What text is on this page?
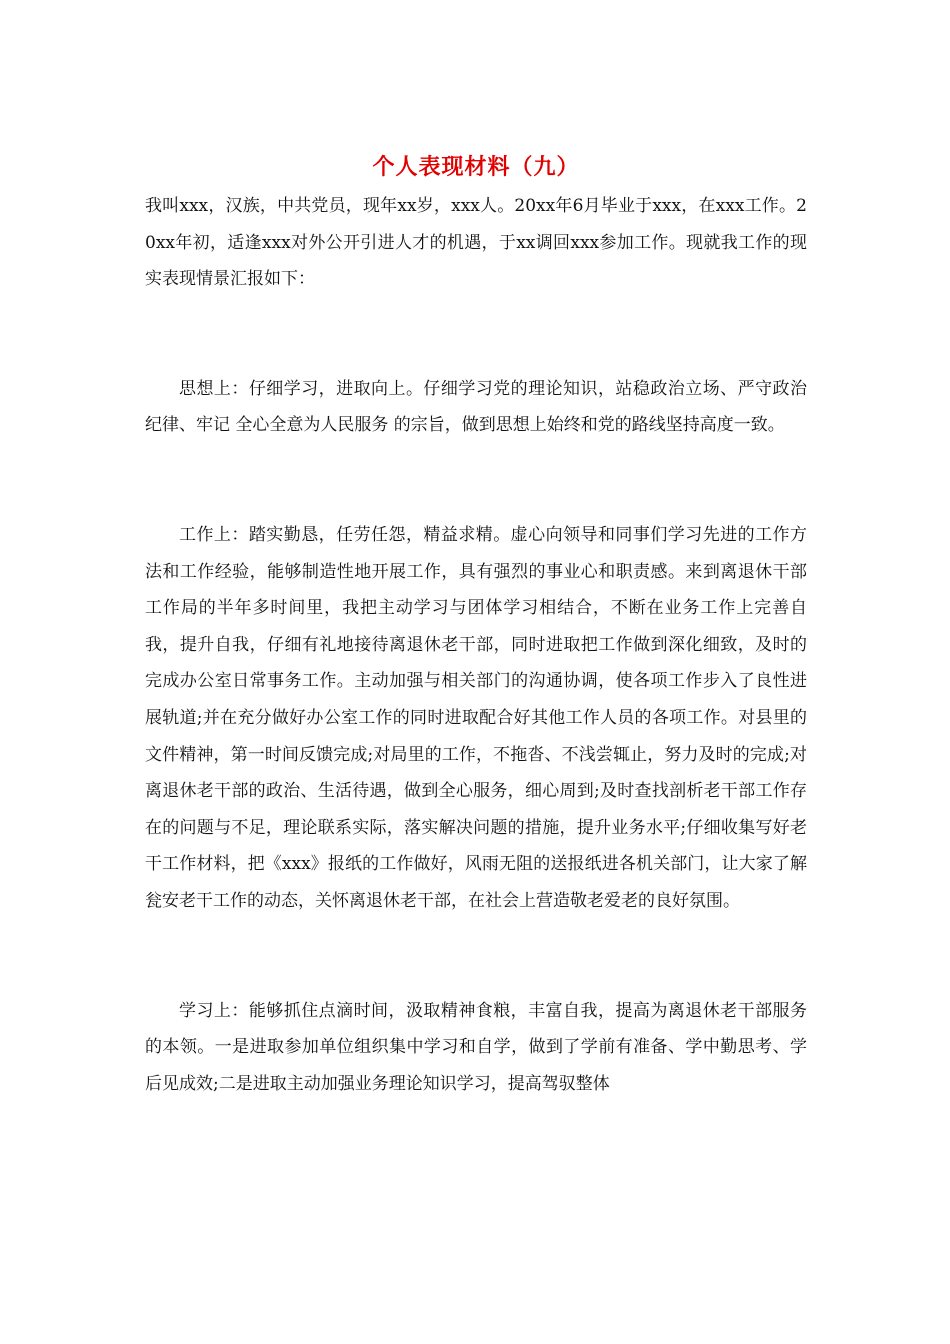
个人表现材料（九）

我叫xxx，汉族，中共党员，现年xx岁，xxx人。20xx年6月毕业于xxx，在xxx工作。20xx年初，适逢xxx对外公开引进人才的机遇，于xx调回xxx参加工作。现就我工作的现实表现情景汇报如下：

思想上：仔细学习，进取向上。仔细学习党的理论知识，站稳政治立场、严守政治纪律、牢记 全心全意为人民服务 的宗旨，做到思想上始终和党的路线坚持高度一致。

工作上：踏实勤恳，任劳任怨，精益求精。虚心向领导和同事们学习先进的工作方法和工作经验，能够制造性地开展工作，具有强烈的事业心和职责感。来到离退休干部工作局的半年多时间里，我把主动学习与团体学习相结合，不断在业务工作上完善自我，提升自我，仔细有礼地接待离退休老干部，同时进取把工作做到深化细致，及时的完成办公室日常事务工作。主动加强与相关部门的沟通协调，使各项工作步入了良性进展轨道;并在充分做好办公室工作的同时进取配合好其他工作人员的各项工作。对县里的文件精神，第一时间反馈完成;对局里的工作，不拖沓、不浅尝辄止，努力及时的完成;对离退休老干部的政治、生活待遇，做到全心服务，细心周到;及时查找剖析老干部工作存在的问题与不足，理论联系实际，落实解决问题的措施，提升业务水平;仔细收集写好老干工作材料，把《xxx》报纸的工作做好，风雨无阻的送报纸进各机关部门，让大家了解瓮安老干工作的动态，关怀离退休老干部，在社会上营造敬老爱老的良好氛围。

学习上：能够抓住点滴时间，汲取精神食粮，丰富自我，提高为离退休老干部服务的本领。一是进取参加单位组织集中学习和自学，做到了学前有准备、学中勤思考、学后见成效;二是进取主动加强业务理论知识学习，提高驾驭整体
